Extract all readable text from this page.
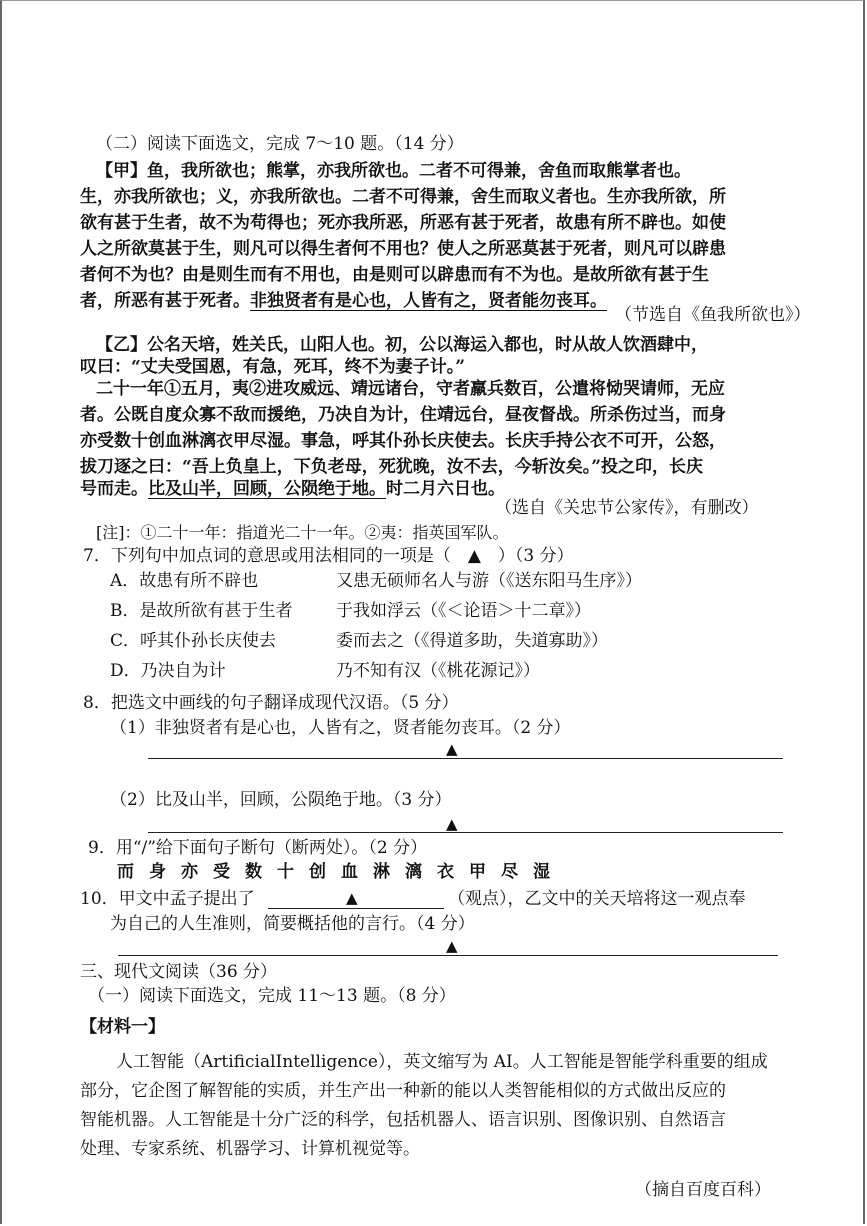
（二）阅读下面选文，完成 7～10 题。（14 分）
【甲】鱼，我所欲也；熊掌，亦我所欲也。二者不可得兼，舍鱼而取熊掌者也。
生，亦我所欲也；义，亦我所欲也。二者不可得兼，舍生而取义者也。生亦我所欲，所
欲有甚于生者，故不为苟得也；死亦我所恶，所恶有甚于死者，故患有所不辟也。如使
人之所欲莫甚于生，则凡可以得生者何不用也？使人之所恶莫甚于死者，则凡可以辟患
者何不为也？由是则生而有不用也，由是则可以辟患而有不为也。是故所欲有甚于生
者，所恶有甚于死者。非独贤者有是心也，人皆有之，贤者能勿丧耳。
（节选自《鱼我所欲也》）
【乙】公名天培，姓关氏，山阳人也。初，公以海运入都也，时从故人饮酒肆中，
叹曰：“丈夫受国恩，有急，死耳，终不为妻子计。”
二十一年①五月，夷②进攻威远、靖远诸台，守者羸兵数百，公遣将恸哭请师，无应
者。公既自度众寡不敌而援绝，乃决自为计，住靖远台，昼夜督战。所杀伤过当，而身
亦受数十创血淋漓衣甲尽湿。事急，呼其仆孙长庆使去。长庆手持公衣不可开，公怒，
拔刀逐之曰：“吾上负皇上，下负老母，死犹晚，汝不去，今斩汝矣。”投之印，长庆
号而走。比及山半，回顾，公陨绝于地。时二月六日也。
（选自《关忠节公家传》，有删改）
[注]：①二十一年：指道光二十一年。②夷：指英国军队。
7．下列句中加点词的意思或用法相同的一项是（　▲　）（3 分）
A．故患有所不辟也	又患无硕师名人与游（《送东阳马生序》）
B．是故所欲有甚于生者	于我如浮云（《＜论语＞十二章》）
C．呼其仆孙长庆使去	委而去之（《得道多助，失道寡助》）
D．乃决自为计	乃不知有汉（《桃花源记》）
8．把选文中画线的句子翻译成现代汉语。（5 分）
（1）非独贤者有是心也，人皆有之，贤者能勿丧耳。（2 分）
▲
（2）比及山半，回顾，公陨绝于地。（3 分）
▲
9．用“/”给下面句子断句（断两处）。（2 分）
而身亦受数十创血淋漓衣甲尽湿
10．甲文中孟子提出了	▲	（观点），乙文中的关天培将这一观点奉
为自己的人生准则，简要概括他的言行。（4 分）
▲
三、现代文阅读（36 分）
（一）阅读下面选文，完成 11～13 题。（8 分）
【材料一】
人工智能（ArtificialIntelligence），英文缩写为 AI。人工智能是智能学科重要的组成
部分，它企图了解智能的实质，并生产出一种新的能以人类智能相似的方式做出反应的
智能机器。人工智能是十分广泛的科学，包括机器人、语言识别、图像识别、自然语言
处理、专家系统、机器学习、计算机视觉等。
（摘自百度百科）
